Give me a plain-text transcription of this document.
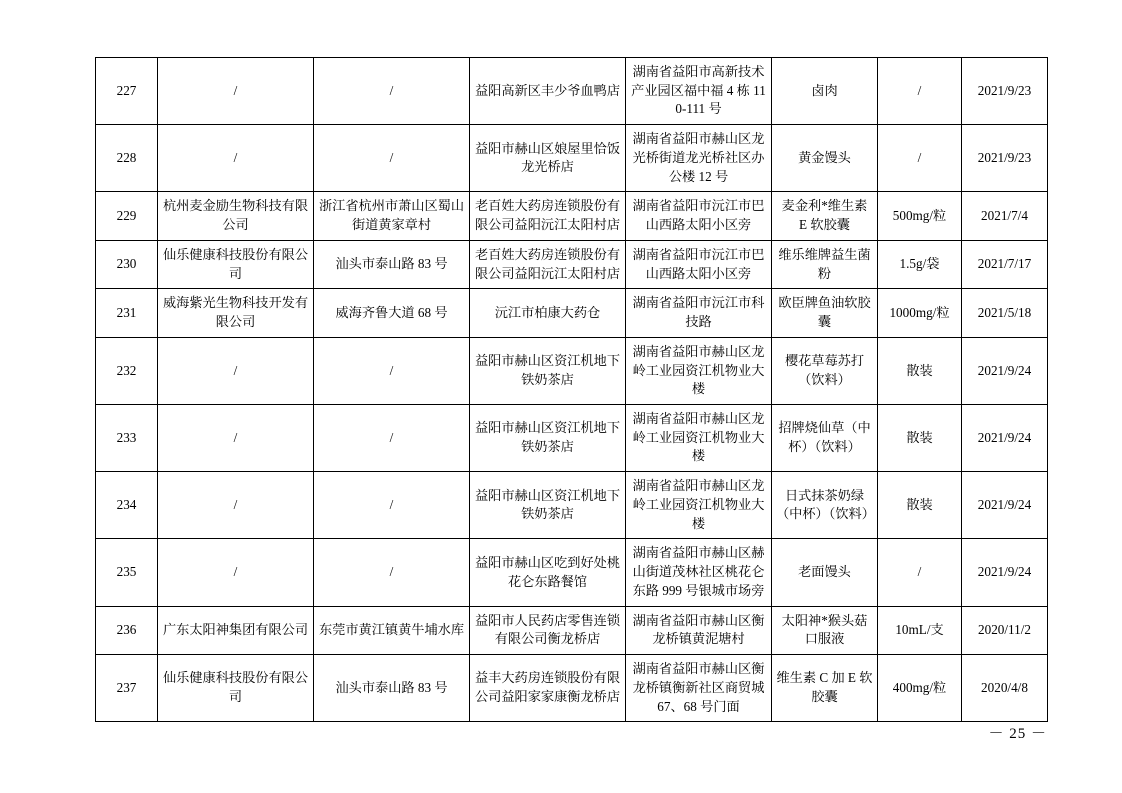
227	/	/	益阳高新区丰少爷血鸭店	湖南省益阳市高新技术产业园区福中福 4 栋 110-111 号	卤肉	/	2021/9/23
228	/	/	益阳市赫山区娘屋里恰饭龙光桥店	湖南省益阳市赫山区龙光桥街道龙光桥社区办公楼 12 号	黄金馒头	/	2021/9/23
229	杭州麦金励生物科技有限公司	浙江省杭州市萧山区蜀山街道黄家章村	老百姓大药房连锁股份有限公司益阳沅江太阳村店	湖南省益阳市沅江市巴山西路太阳小区旁	麦金利*维生素 E 软胶囊	500mg/粒	2021/7/4
230	仙乐健康科技股份有限公司	汕头市泰山路 83 号	老百姓大药房连锁股份有限公司益阳沅江太阳村店	湖南省益阳市沅江市巴山西路太阳小区旁	维乐维牌益生菌粉	1.5g/袋	2021/7/17
231	威海紫光生物科技开发有限公司	威海齐鲁大道 68 号	沅江市柏康大药仓	湖南省益阳市沅江市科技路	欧臣牌鱼油软胶囊	1000mg/粒	2021/5/18
232	/	/	益阳市赫山区资江机地下铁奶茶店	湖南省益阳市赫山区龙岭工业园资江机物业大楼	樱花草莓苏打（饮料）	散装	2021/9/24
233	/	/	益阳市赫山区资江机地下铁奶茶店	湖南省益阳市赫山区龙岭工业园资江机物业大楼	招牌烧仙草（中杯）（饮料）	散装	2021/9/24
234	/	/	益阳市赫山区资江机地下铁奶茶店	湖南省益阳市赫山区龙岭工业园资江机物业大楼	日式抹茶奶绿（中杯）（饮料）	散装	2021/9/24
235	/	/	益阳市赫山区吃到好处桃花仑东路餐馆	湖南省益阳市赫山区赫山街道茂林社区桃花仑东路 999 号银城市场旁	老面馒头	/	2021/9/24
236	广东太阳神集团有限公司	东莞市黄江镇黄牛埔水库	益阳市人民药店零售连锁有限公司衡龙桥店	湖南省益阳市赫山区衡龙桥镇黄泥塘村	太阳神*猴头菇口服液	10mL/支	2020/11/2
237	仙乐健康科技股份有限公司	汕头市泰山路 83 号	益丰大药房连锁股份有限公司益阳家家康衡龙桥店	湖南省益阳市赫山区衡龙桥镇衡新社区商贸城 67、68 号门面	维生素 C 加 E 软胶囊	400mg/粒	2020/4/8
－ 25 －
